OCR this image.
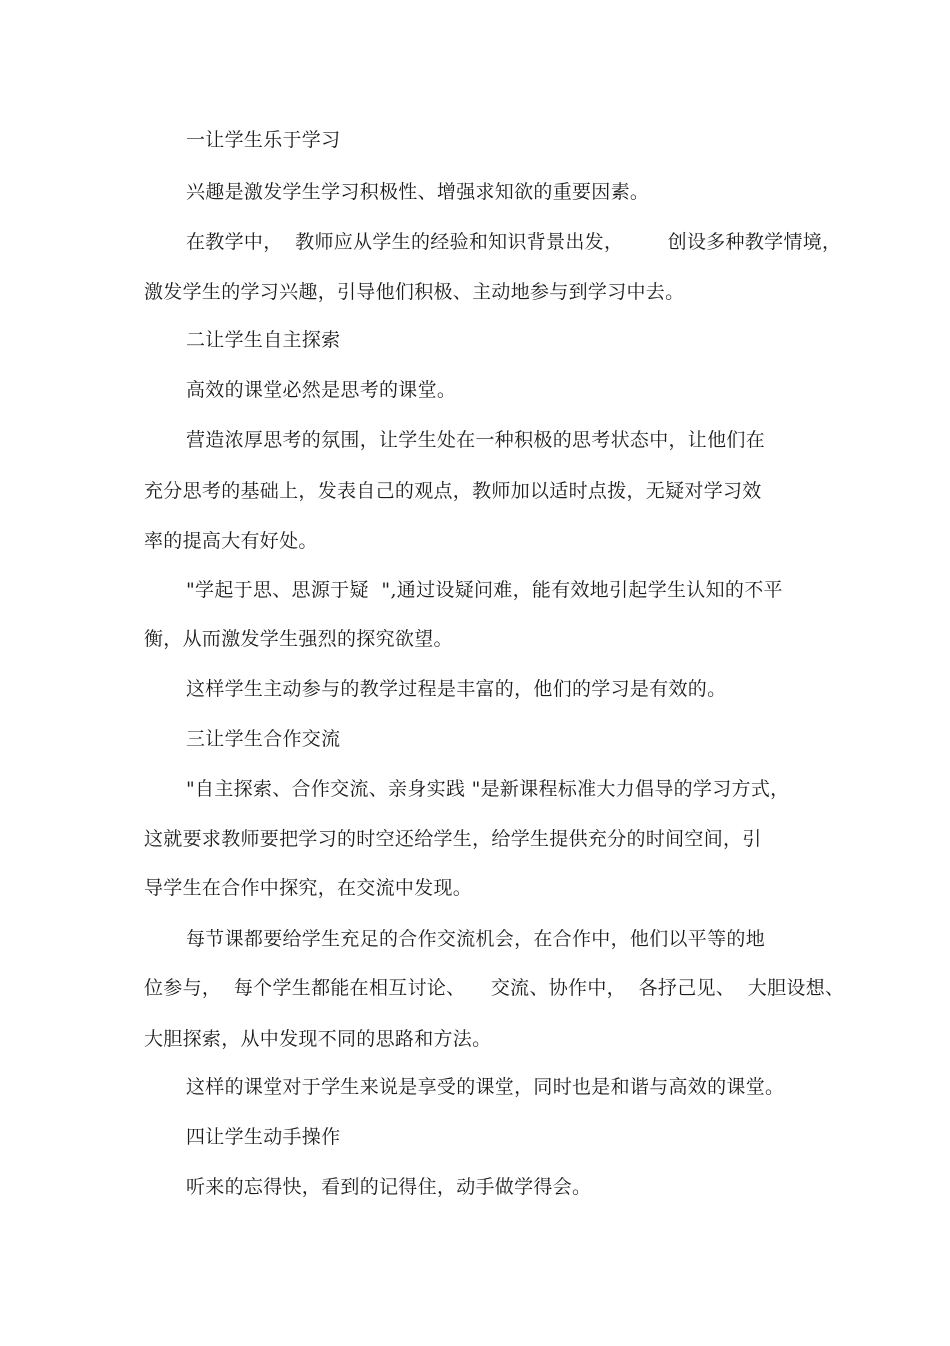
一让学生乐于学习
兴趣是激发学生学习积极性、增强求知欲的重要因素。
在教学中，  教师应从学生的经验和知识背景出发，       创设多种教学情境，
激发学生的学习兴趣，引导他们积极、主动地参与到学习中去。
二让学生自主探索
高效的课堂必然是思考的课堂。
营造浓厚思考的氛围，让学生处在一种积极的思考状态中，让他们在
充分思考的基础上，发表自己的观点，教师加以适时点拨，无疑对学习效
率的提高大有好处。
"学起于思、思源于疑  ",通过设疑问难，能有效地引起学生认知的不平
衡，从而激发学生强烈的探究欲望。
这样学生主动参与的教学过程是丰富的，他们的学习是有效的。
三让学生合作交流
"自主探索、合作交流、亲身实践 "是新课程标准大力倡导的学习方式，
这就要求教师要把学习的时空还给学生，给学生提供充分的时间空间，引
导学生在合作中探究，在交流中发现。
每节课都要给学生充足的合作交流机会，在合作中，他们以平等的地
位参与，  每个学生都能在相互讨论、    交流、协作中，  各抒己见、  大胆设想、
大胆探索，从中发现不同的思路和方法。
这样的课堂对于学生来说是享受的课堂，同时也是和谐与高效的课堂。
四让学生动手操作
听来的忘得快，看到的记得住，动手做学得会。
